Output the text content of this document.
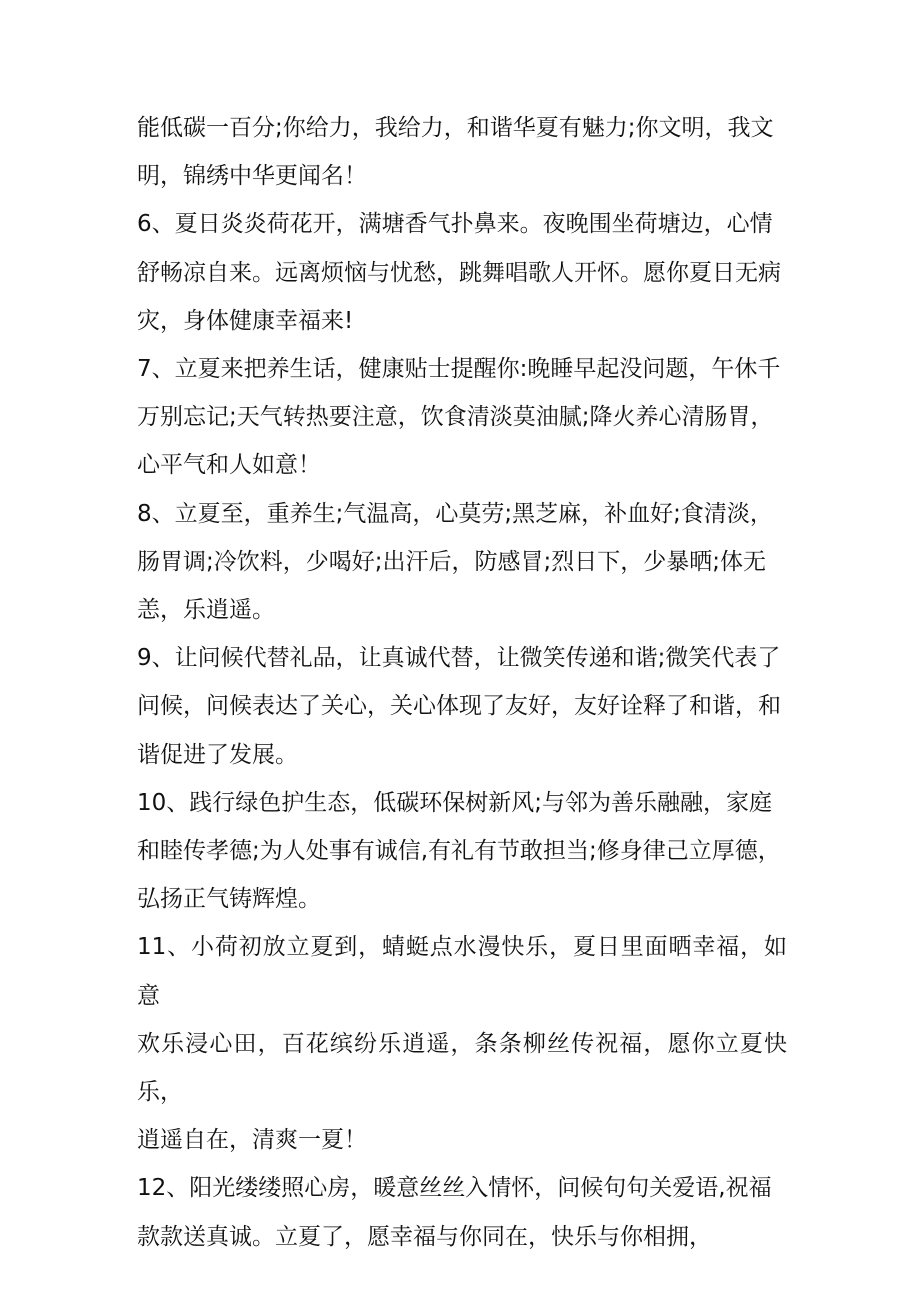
能低碳一百分;你给力，我给力，和谐华夏有魅力;你文明，我文
明，锦绣中华更闻名！

6、夏日炎炎荷花开，满塘香气扑鼻来。夜晚围坐荷塘边，心情
舒畅凉自来。远离烦恼与忧愁，跳舞唱歌人开怀。愿你夏日无病
灾，身体健康幸福来!

7、立夏来把养生话，健康贴士提醒你:晚睡早起没问题，午休千
万别忘记;天气转热要注意，饮食清淡莫油腻;降火养心清肠胃，
心平气和人如意！

8、立夏至，重养生;气温高，心莫劳;黑芝麻，补血好;食清淡，
肠胃调;冷饮料，少喝好;出汗后，防感冒;烈日下，少暴晒;体无
恙，乐逍遥。

9、让问候代替礼品，让真诚代替，让微笑传递和谐;微笑代表了
问候，问候表达了关心，关心体现了友好，友好诠释了和谐，和
谐促进了发展。

10、践行绿色护生态，低碳环保树新风;与邻为善乐融融，家庭
和睦传孝德;为人处事有诚信,有礼有节敢担当;修身律己立厚德，
弘扬正气铸辉煌。

11、小荷初放立夏到，蜻蜓点水漫快乐，夏日里面晒幸福，如意
欢乐浸心田，百花缤纷乐逍遥，条条柳丝传祝福，愿你立夏快乐，
逍遥自在，清爽一夏！

12、阳光缕缕照心房，暖意丝丝入情怀，问候句句关爱语,祝福
款款送真诚。立夏了，愿幸福与你同在，快乐与你相拥，
